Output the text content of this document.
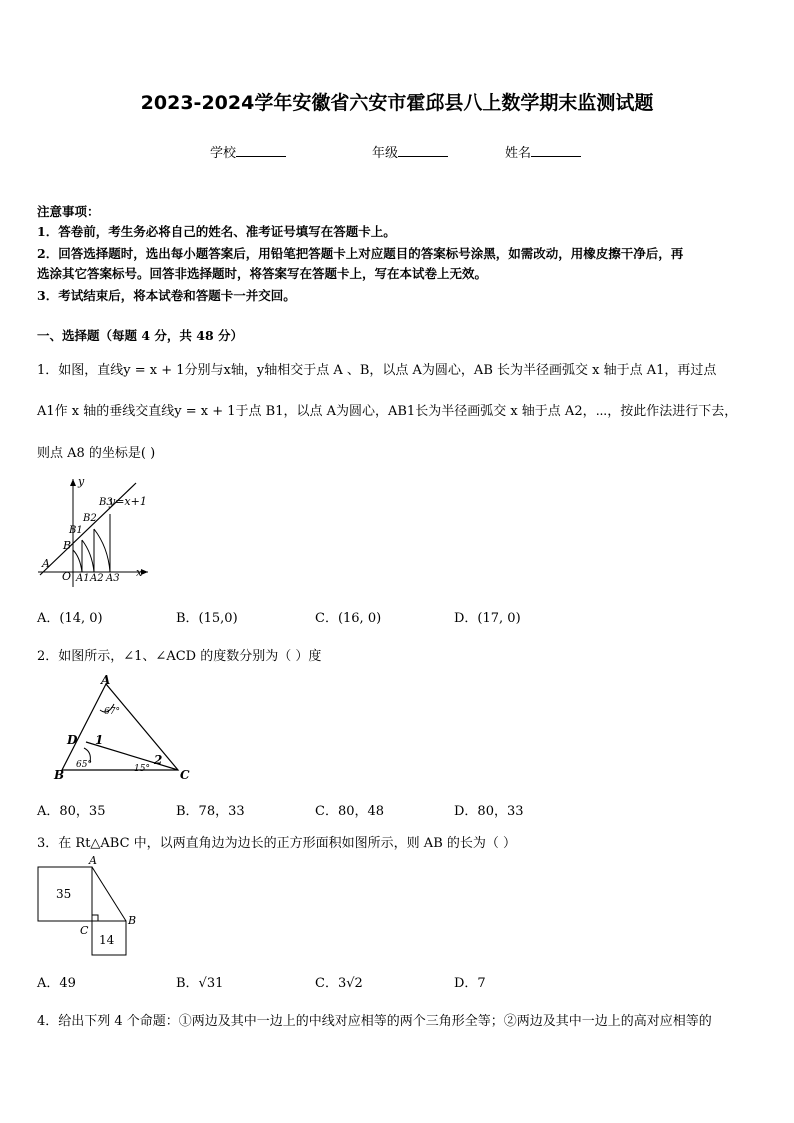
2023-2024学年安徽省六安市霍邱县八上数学期末监测试题
学校	年级	姓名
注意事项：
1．答卷前，考生务必将自己的姓名、准考证号填写在答题卡上。
2．回答选择题时，选出每小题答案后，用铅笔把答题卡上对应题目的答案标号涂黑，如需改动，用橡皮擦干净后，再
选涂其它答案标号。回答非选择题时，将答案写在答题卡上，写在本试卷上无效。
3．考试结束后，将本试卷和答题卡一并交回。
一、选择题（每题 4 分，共 48 分）
1．如图，直线y = x + 1分别与x轴，y轴相交于点 A 、B，以点 A为圆心，AB 长为半径画弧交 x 轴于点 A1，再过点
A1作 x 轴的垂线交直线y = x + 1于点 B1，以点 A为圆心，AB1长为半径画弧交 x 轴于点 A2，⋯，按此作法进行下去，
则点 A8 的坐标是( )
y
x
y=x+1
A
O
B
B1
B2
B3
A1 A2 A3
A．(14, 0)	B．(15,0)	C．(16, 0)	D．(17, 0)
2．如图所示，∠1、∠ACD 的度数分别为（ ）度
A
B	C
D 1
2
67°
65°	15°
A．80，35	B．78，33	C．80，48	D．80，33
3．在 Rt△ABC 中，以两直角边为边长的正方形面积如图所示，则 AB 的长为（ ）
A
B
C
35
14
A．49	B．√31	C．3√2	D．7
4．给出下列 4 个命题：①两边及其中一边上的中线对应相等的两个三角形全等；②两边及其中一边上的高对应相等的
